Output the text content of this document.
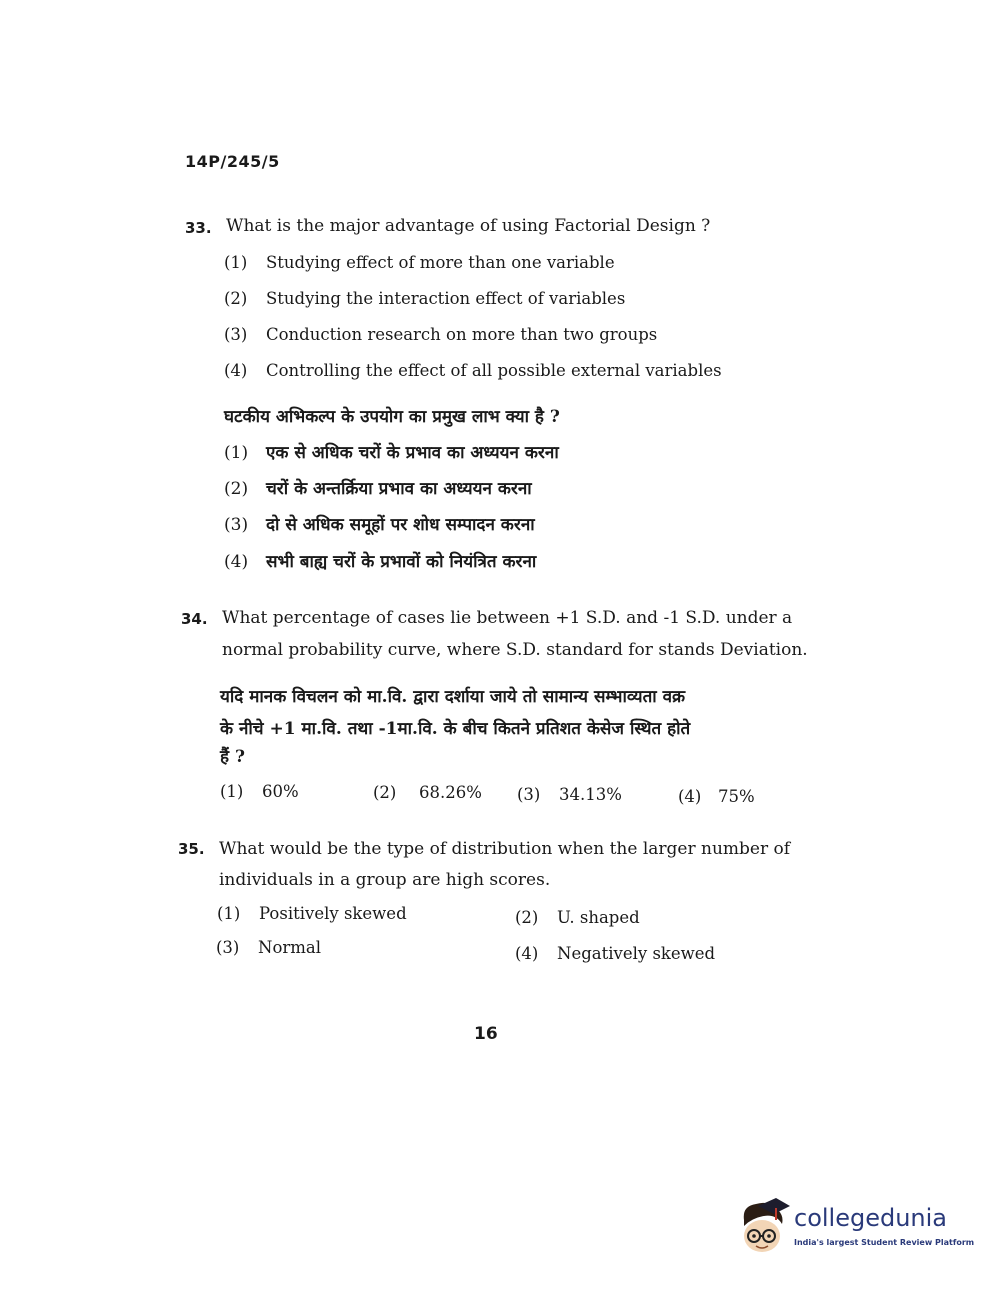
14P/245/5
33. What is the major advantage of using Factorial Design ?
(1) Studying effect of more than one variable
(2) Studying the interaction effect of variables
(3) Conduction research on more than two groups
(4) Controlling the effect of all possible external variables
घटकीय अभिकल्प के उपयोग का प्रमुख लाभ क्या है ?
(1) एक से अधिक चरों के प्रभाव का अध्ययन करना
(2) चरों के अन्तर्क्रिया प्रभाव का अध्ययन करना
(3) दो से अधिक समूहों पर शोध सम्पादन करना
(4) सभी बाह्य चरों के प्रभावों को नियंत्रित करना
34. What percentage of cases lie between +1 S.D. and -1 S.D. under a
normal probability curve, where S.D. standard for stands Deviation.
यदि मानक विचलन को मा.वि. द्वारा दर्शाया जाये तो सामान्य सम्भाव्यता वक्र
के नीचे +1 मा.वि. तथा -1मा.वि. के बीच कितने प्रतिशत केसेज स्थित होते
हैं ?
(1) 60%	(2) 68.26% (3) 34.13%	(4) 75%
35. What would be the type of distribution when the larger number of
individuals in a group are high scores.
(1) Positively skewed	(2) U. shaped
(3) Normal	(4) Negatively skewed
16
collegedunia
India's largest Student Review Platform
